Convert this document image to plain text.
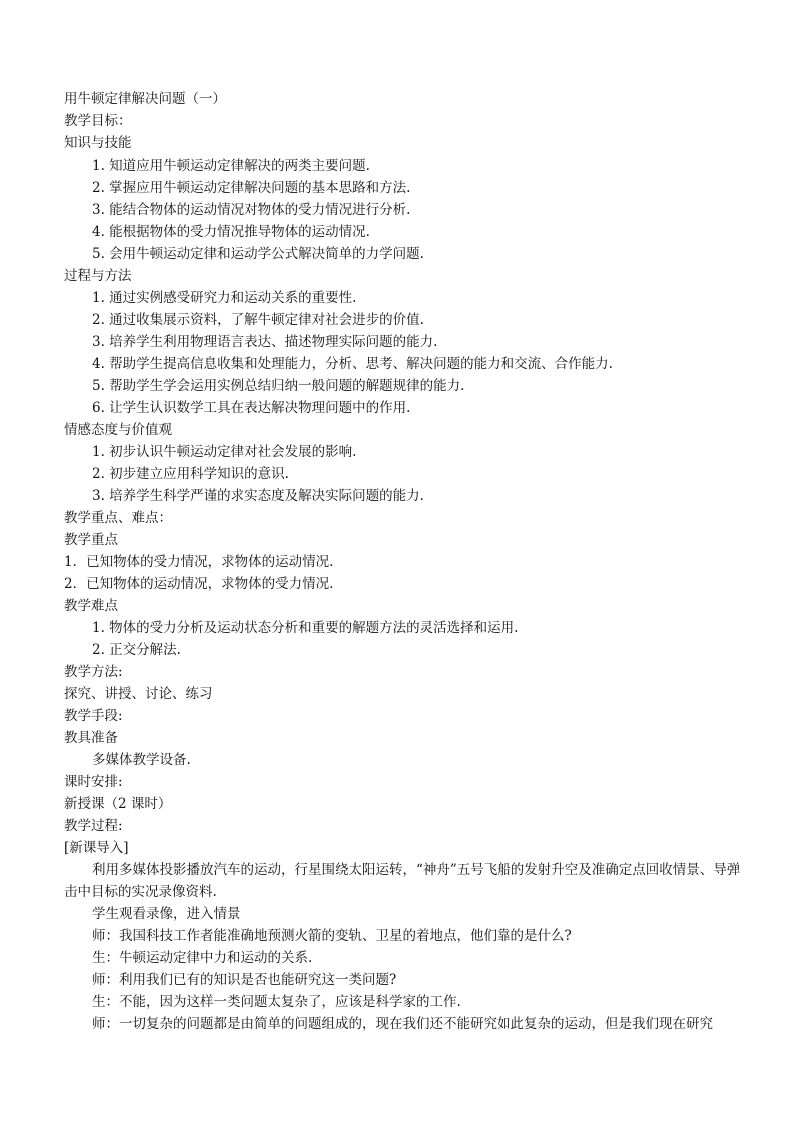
用牛顿定律解决问题（一）
教学目标：
知识与技能
1. 知道应用牛顿运动定律解决的两类主要问题.
2. 掌握应用牛顿运动定律解决问题的基本思路和方法.
3. 能结合物体的运动情况对物体的受力情况进行分析.
4. 能根据物体的受力情况推导物体的运动情况.
5. 会用牛顿运动定律和运动学公式解决简单的力学问题.
过程与方法
1. 通过实例感受研究力和运动关系的重要性.
2. 通过收集展示资料，了解牛顿定律对社会进步的价值.
3. 培养学生利用物理语言表达、描述物理实际问题的能力.
4. 帮助学生提高信息收集和处理能力，分析、思考、解决问题的能力和交流、合作能力.
5. 帮助学生学会运用实例总结归纳一般问题的解题规律的能力.
6. 让学生认识数学工具在表达解决物理问题中的作用.
情感态度与价值观
1. 初步认识牛顿运动定律对社会发展的影响.
2. 初步建立应用科学知识的意识.
3. 培养学生科学严谨的求实态度及解决实际问题的能力.
教学重点、难点：
教学重点
1．已知物体的受力情况，求物体的运动情况.
2．已知物体的运动情况，求物体的受力情况.
教学难点
1. 物体的受力分析及运动状态分析和重要的解题方法的灵活选择和运用.
2. 正交分解法.
教学方法:
探究、讲授、讨论、练习
教学手段:
教具准备
多媒体教学设备.
课时安排:
新授课（2 课时）
教学过程:
[新课导入]
利用多媒体投影播放汽车的运动，行星围绕太阳运转，“神舟”五号飞船的发射升空及准确定点回收情景、导弹击中目标的实况录像资料.
学生观看录像，进入情景
师：我国科技工作者能准确地预测火箭的变轨、卫星的着地点，他们靠的是什么?
生：牛顿运动定律中力和运动的关系.
师：利用我们已有的知识是否也能研究这一类问题?
生：不能，因为这样一类问题太复杂了，应该是科学家的工作.
师：一切复杂的问题都是由简单的问题组成的，现在我们还不能研究如此复杂的运动，但是我们现在研究
